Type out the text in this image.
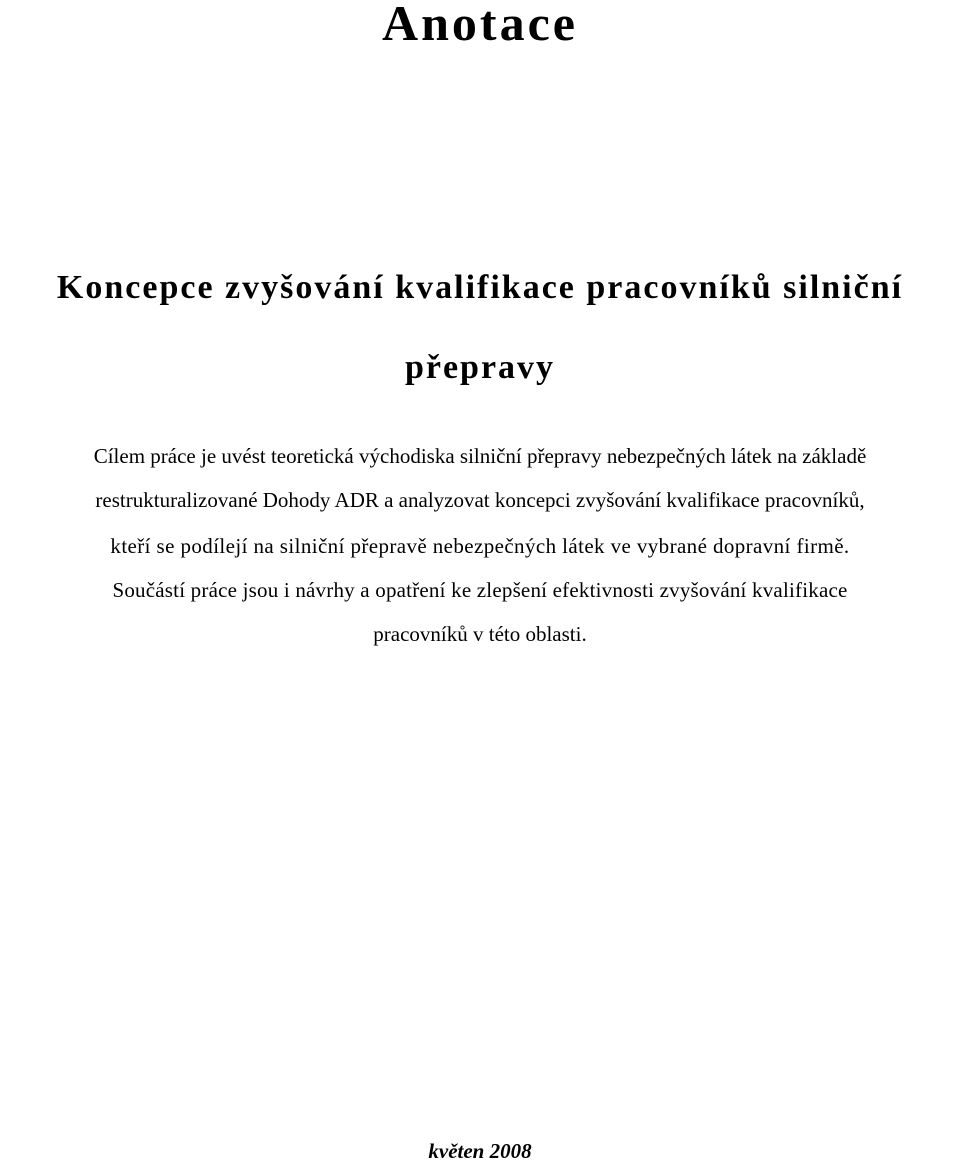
Anotace
Koncepce zvyšování kvalifikace pracovníků silniční
přepravy

Cílem práce je uvést teoretická východiska silniční přepravy nebezpečných látek na základě

restrukturalizované Dohody ADR a analyzovat koncepci zvyšování kvalifikace pracovníků,

kteří se podílejí na silniční přepravě nebezpečných látek ve vybrané dopravní firmě.

Součástí práce jsou i návrhy a opatření ke zlepšení efektivnosti zvyšování kvalifikace

pracovníků v této oblasti.

květen 2008
